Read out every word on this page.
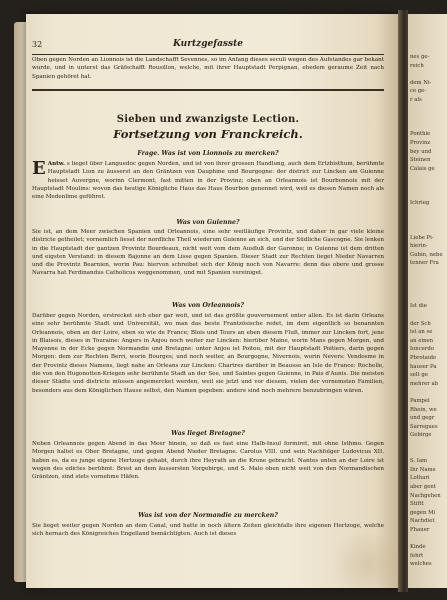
nes ge-
reich
dem Ni-
ce ge-
r als
Ponthie
Provinz
bey und
Steinen
Calais ge
Ichrieg
Liebe Pi-
hierin-
Gubin, nebe
tenner Fra
Ist die
der Sch
ist an se
an einen
Ioncerdo
Pbrotaide
hauser Pa
selt ge
mehrer ab
Pampel
Rhein, we
und gegr
Sarregues
Gebirge
S. Iam
Ihr Name
Lothari
aber gent
Nachgehen
Stiftt
gegen Mi
Nachdiet
Fhauer
Kinde
fehrt
welches
32	Kurtzgefasste
Oben gegen Norden an Lionnois ist die Landschafft Sevennes, so im Anfang dieses seculi wegen des Aufstandes gar bekant wurde, und in unterst das Gräfschafft Rousillon, welche, mit ihrer Hauptstadt Perpignan, ehedem geraume Zeit nach Spanien gehöret hat.
Sieben und zwanzigste Lection.
Fortsetzung von Franckreich.
Frage. Was ist von Lionnois zu mercken?
Antw.
E	s lieget über Languedoc gegen Norden, und ist von ihrer grossen Handlung, auch dem Ertzbisthum, berühmte Hauptstadt Lion zu äusserst an den Gräntzen von Dauphine und Bourgogne: der district zur Lincken am Guienne heisset Auvergne, worinn Clermont, fast mitten in der Provinz; oben an Orleannois ist Bourbonnois mit der Hauptstadt Moulins: wovon das heutige Königliche Haus das Haus Bourbon genennet wird, weil es diesen Namen noch als eine Medenlime geführet.
Was von Guienne?
Sie ist, an dem Meer zwischen Spanien und Orleannois, eine sehr weitläufige Provintz, und daher in gar viele kleine districte getheilet; vornemlich liesst der nordliche Theil wiederum Guienne an sich, und der Südliche Gascogne. Sie lenken in die Hauptstadt der gantzen Provintz Bourdeaux, nicht weit vom dem Ausfluß der Garonne; in Guienne ist dem dritten und eigsten Verstand: in diesem Bajonne an dem Lisse gegen Spanien. Dieser Stadt zur Rechten lieget Nieder Navarren und die Provintz Bearnien, worin Pau: hiervon schreibet sich der König noch von Navarre: denn das obere und grosse Navarra hat Ferdinandus Catholicus weggenommen, und mit Spanien vereiniget.
Was von Orleannois?
Darüber gegen Norden, erstrecket sich eher gar weit, und ist das größte gouvernement unter allen. Es ist darin Orleans eine sehr berühmte Stadt und Universität, wo man das beste Frantzösische redet, im dem eigentlich so benannten Orleannois, oben an der Loire, eben so wie de France; Blois und Tours an eben diesem Fluß, immer zur Lincken fort, jene in Blaisois, dieses in Touraine: Angers in Anjou noch weiter zur Lincken: hierüber Maine, worin Mans gegen Morgen, und Mayenne in der Ecke gegen Normandie und Bretagne: unter Anjou ist Poitou, mit der Hauptstadt Poitiers, darin gegen Morgen: dem zur Rechten Berri, worin Bourges; und noch weiter, an Bourgogne, Nivernois, worin Nevers: Vendosme in der Provintz dieses Namens, liegt nahe an Orleans zur Lincken: Chartres darüber in Beausse an Isle de France: Rochelle, die von den Hugonotten-Kriegen sehr berühmte Stadt an der See, und Saintes gegen Guienne, in Pais d'Aunis. Die meisten dieser Städte und districte müssen angemercket werden, weil sie jetzt und vor diesem, vielen der vornemsten Familien, besonders aus dem Königlichen Hause selbst, den Namen gegeben: andere sind noch mehrere benzubringen wären.
Was lieget Bretagne?
Neben Orleannois gegen Abend in das Meer hinein, so daß es fast eine Halb-Insul formiret, mit ohne Isthmo. Gegen Morgen haltet es Ober Bretagne, und gegen Abend Nieder Bretagne. Carolus VIII. und sein Nachfolger Ludovicus XII. haben es, da es junge eigene Hertzoge gehabt, durch ihre Heyrath an die Krone gebracht. Nantes unten an der Loire ist wegen des edictes berühmt: Brest an dem äussersten Vorgebirge, und S. Malo oben nicht weit von den Normandischen Gräntzen, sind stets vornehme Häfen.
Was ist von der Normandie zu mercken?
Sie lieget weiter gegen Norden an dem Canal, und hatte in noch ältern Zeiten gleichfalls ihre eigenen Hertzoge, welche sich hernach des Königreiches Engelland bemächtigten. Auch ist dieses
